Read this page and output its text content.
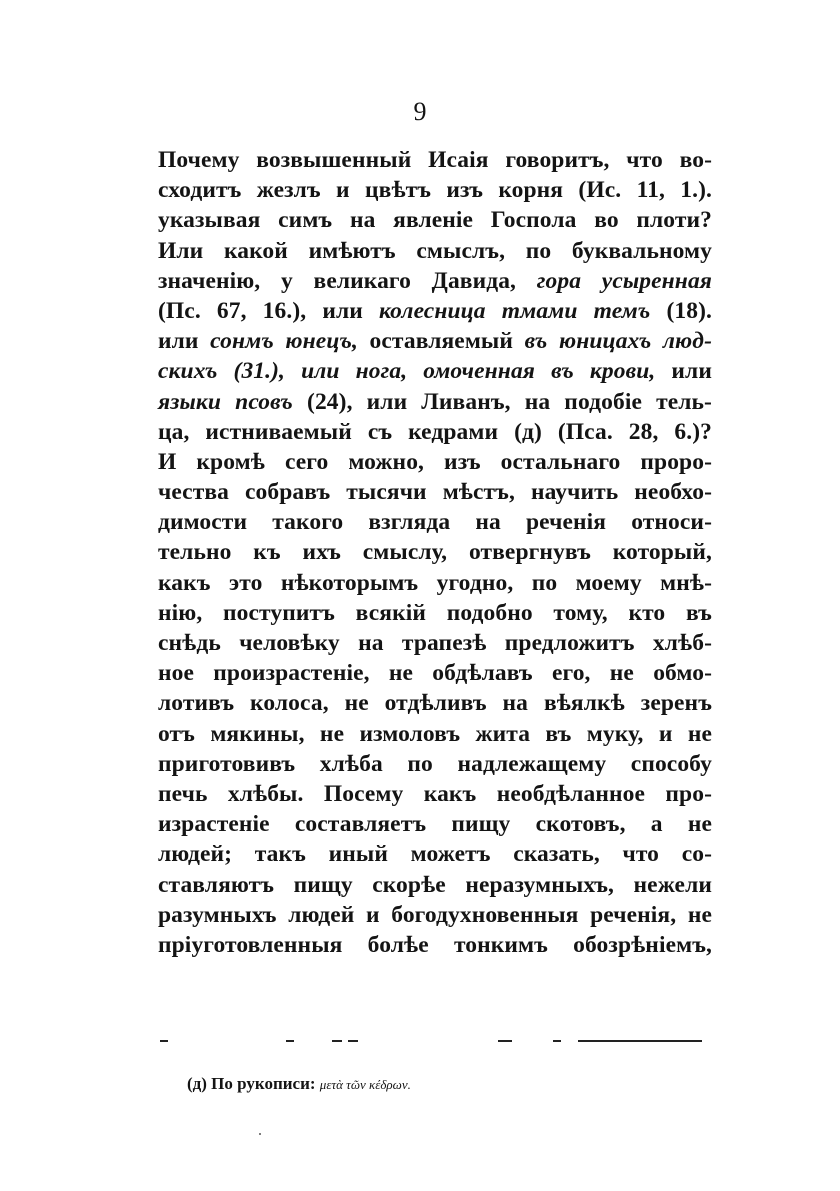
9
Почему возвышенный Исаія говоритъ, что во-
сходитъ жезлъ и цвѣтъ изъ корня (Ис. 11, 1.).
указывая симъ на явленіе Госпола во плоти?
Или какой имѣютъ смыслъ, по буквальному
значенію, у великаго Давида, гора усыренная
(Пс. 67, 16.), или колесница тмами темъ (18).
или сонмъ юнецъ, оставляемый въ юницахъ люд-
скихъ (31.), или нога, омоченная въ крови, или
языки псовъ (24), или Ливанъ, на подобіе тель-
ца, истниваемый съ кедрами (д) (Пса. 28, 6.)?
И кромѣ сего можно, изъ остальнаго проро-
чества собравъ тысячи мѣстъ, научить необхо-
димости такого взгляда на реченія относи-
тельно къ ихъ смыслу, отвергнувъ который,
какъ это нѣкоторымъ угодно, по моему мнѣ-
нію, поступитъ всякій подобно тому, кто въ
снѣдь человѣку на трапезѣ предложитъ хлѣб-
ное произрастеніе, не обдѣлавъ его, не обмо-
лотивъ колоса, не отдѣливъ на вѣялкѣ зеренъ
отъ мякины, не измоловъ жита въ муку, и не
приготовивъ хлѣба по надлежащему способу
печь хлѣбы. Посему какъ необдѣланное про-
израстеніе составляетъ пищу скотовъ, а не
людей; такъ иный можетъ сказать, что со-
ставляютъ пищу скорѣе неразумныхъ, нежели
разумныхъ людей и богодухновенныя реченія, не
пріуготовленныя болѣе тонкимъ обозрѣніемъ,
(д) По рукописи: μετὰ τῶν κέδρων.
